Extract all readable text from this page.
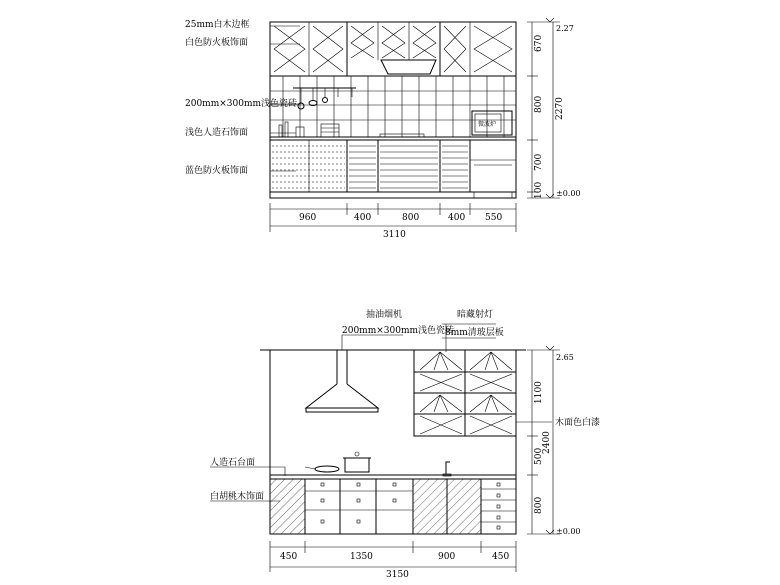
微波炉
25mm白木边框
白色防火板饰面
200mm×300mm浅色瓷砖
浅色人造石饰面
蓝色防火板饰面
960	400	800	400 550
3110
670
800
700
100
2270
2.27
±0.00
抽油烟机
200mm×300mm浅色瓷砖
暗藏射灯
8mm清玻层板
人造石台面
白胡桃木饰面
木面色白漆
450	1350	900	450
3150
1100
500
800
2400
2.65
±0.00
